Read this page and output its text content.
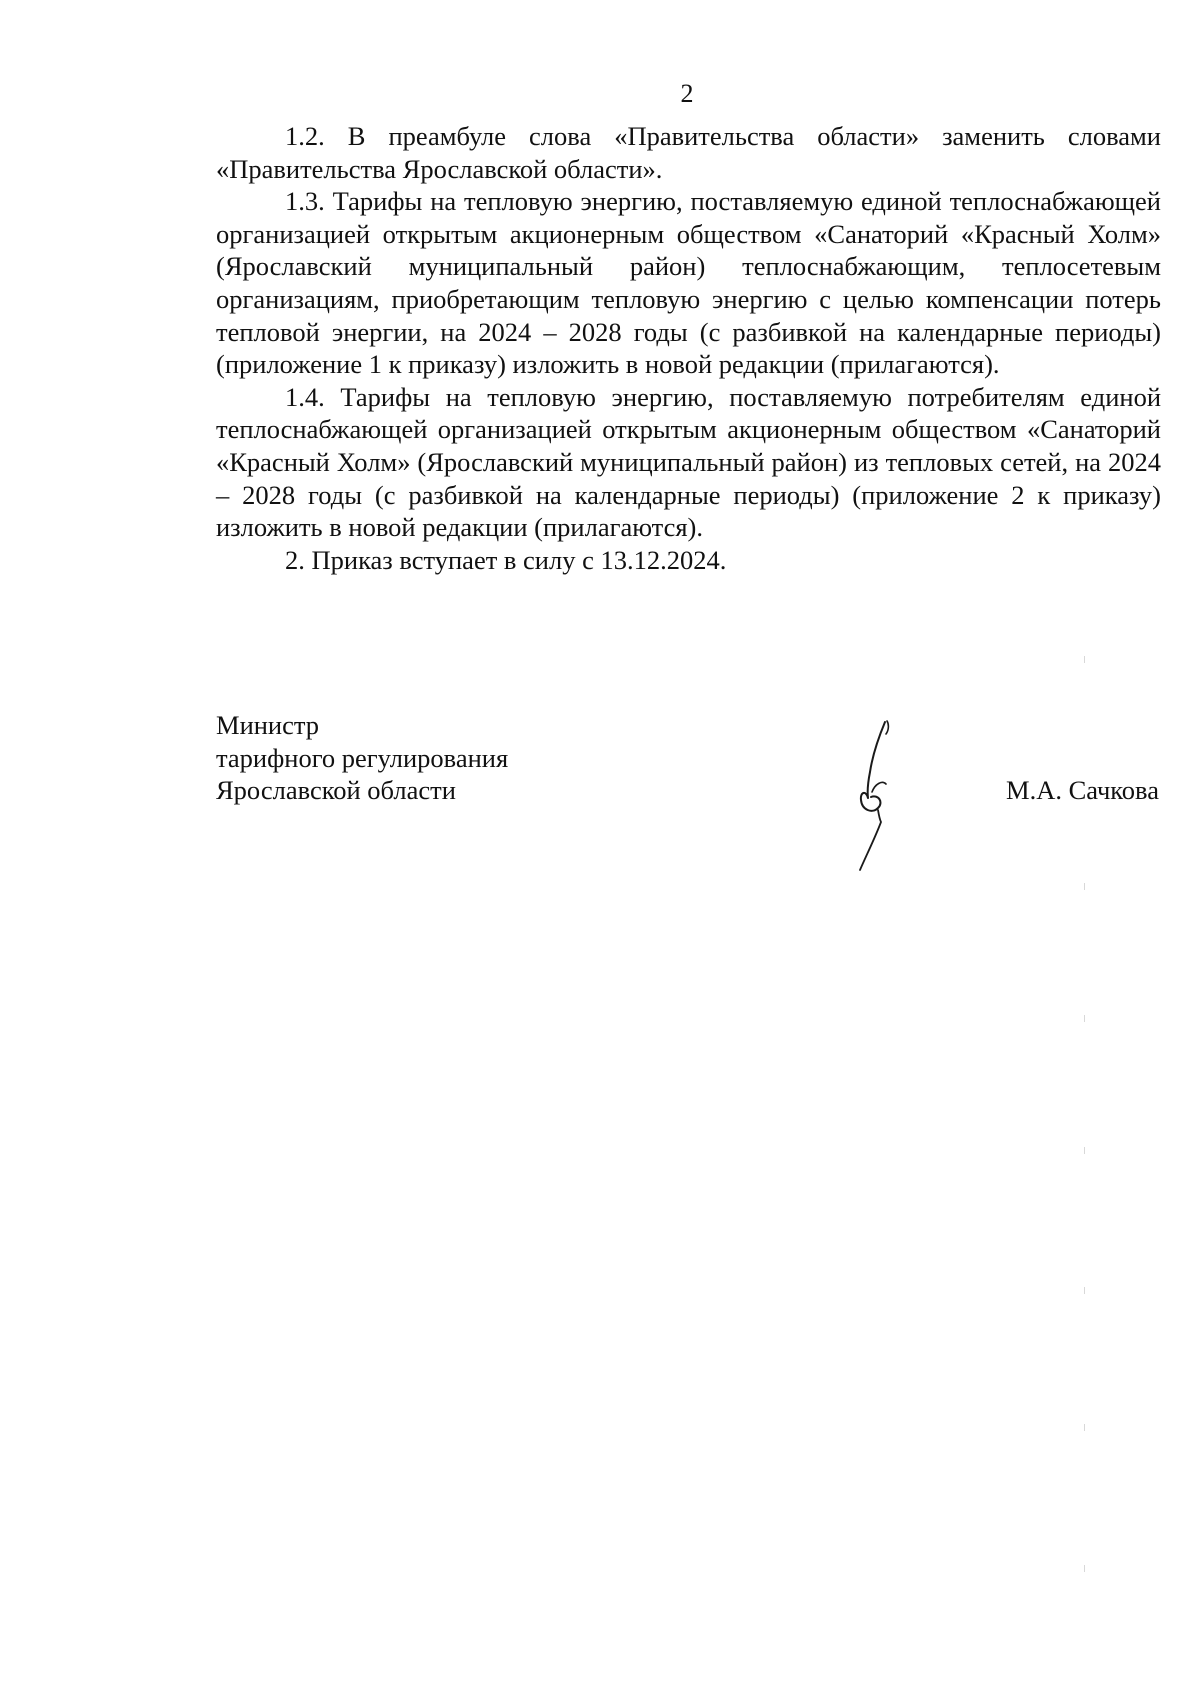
2

1.2. В преамбуле слова «Правительства области» заменить словами «Правительства Ярославской области».

1.3. Тарифы на тепловую энергию, поставляемую единой теплоснабжающей организацией открытым акционерным обществом «Санаторий «Красный Холм» (Ярославский муниципальный район) теплоснабжающим, теплосетевым организациям, приобретающим тепловую энергию с целью компенсации потерь тепловой энергии, на 2024 – 2028 годы (с разбивкой на календарные периоды) (приложение 1 к приказу) изложить в новой редакции (прилагаются).

1.4. Тарифы на тепловую энергию, поставляемую потребителям единой теплоснабжающей организацией открытым акционерным обществом «Санаторий «Красный Холм» (Ярославский муниципальный район) из тепловых сетей, на 2024 – 2028 годы (с разбивкой на календарные периоды) (приложение 2 к приказу) изложить в новой редакции (прилагаются).

2. Приказ вступает в силу с 13.12.2024.

Министр
тарифного регулирования
Ярославской области	М.А. Сачкова
